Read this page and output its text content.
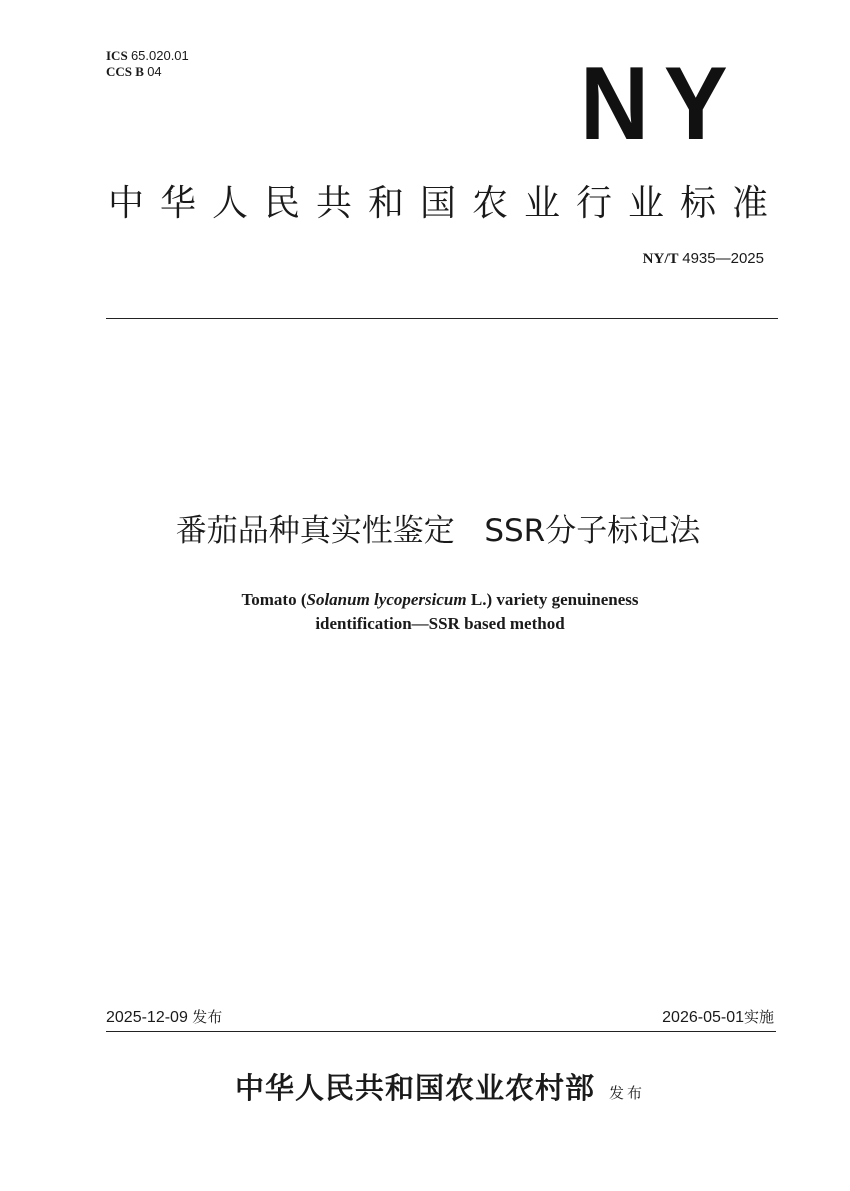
ICS 65.020.01
CCS B 04	NY
中华人民共和国农业行业标准
NY/T 4935—2025
番茄品种真实性鉴定   SSR分子标记法
Tomato (Solanum lycopersicum L.) variety genuineness
identification—SSR based method
2025-12-09 发布	2026-05-01实施
中华人民共和国农业农村部 发布
